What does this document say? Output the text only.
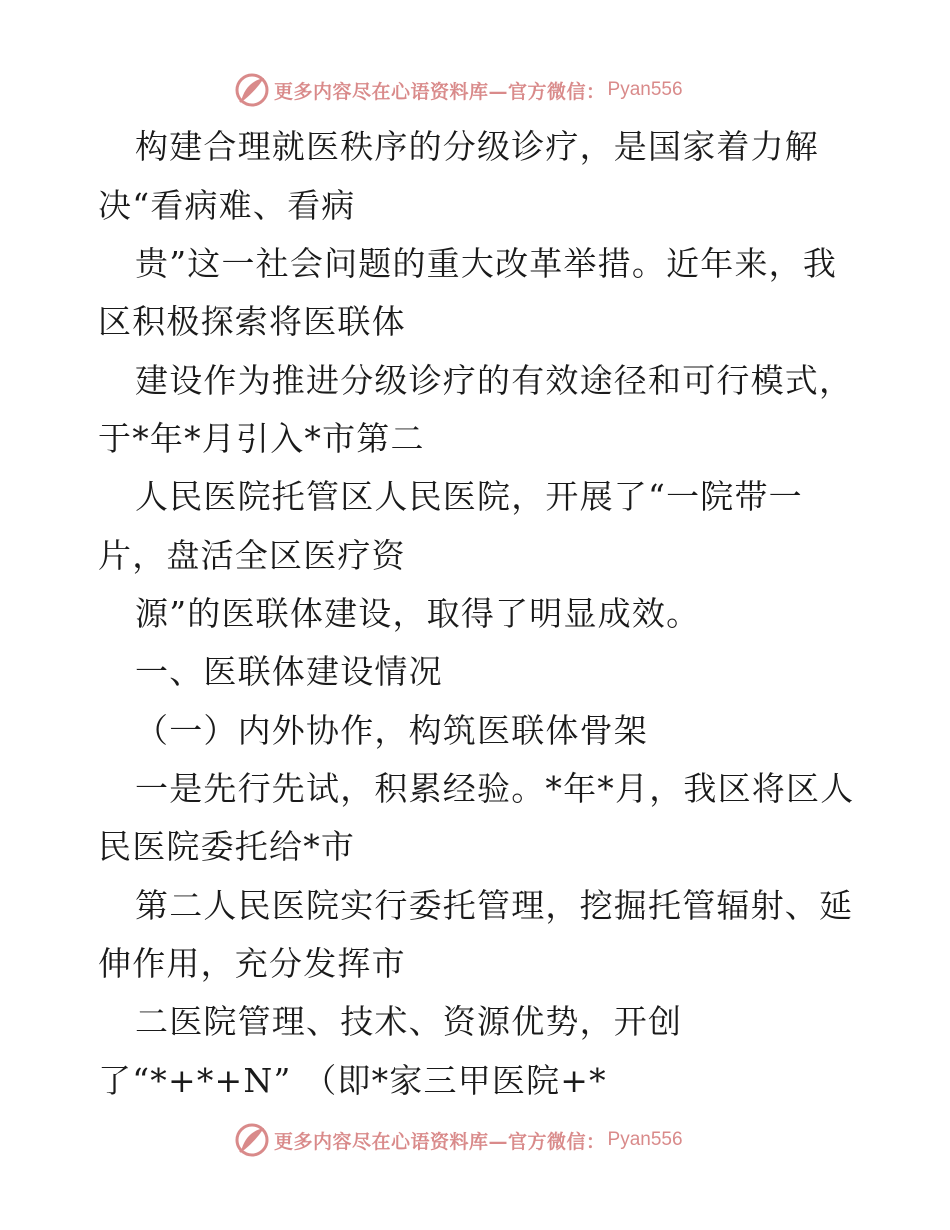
更多内容尽在心语资料库—官方微信： Pyan556
构建合理就医秩序的分级诊疗，是国家着力解
决“看病难、看病
贵”这一社会问题的重大改革举措。近年来，我
区积极探索将医联体
建设作为推进分级诊疗的有效途径和可行模式，
于*年*月引入*市第二
人民医院托管区人民医院，开展了“一院带一
片，盘活全区医疗资
源”的医联体建设，取得了明显成效。
一、医联体建设情况
（一）内外协作，构筑医联体骨架
一是先行先试，积累经验。*年*月，我区将区人
民医院委托给*市
第二人民医院实行委托管理，挖掘托管辐射、延
伸作用，充分发挥市
二医院管理、技术、资源优势，开创
了“*+*+N” （即*家三甲医院+*
更多内容尽在心语资料库—官方微信： Pyan556
